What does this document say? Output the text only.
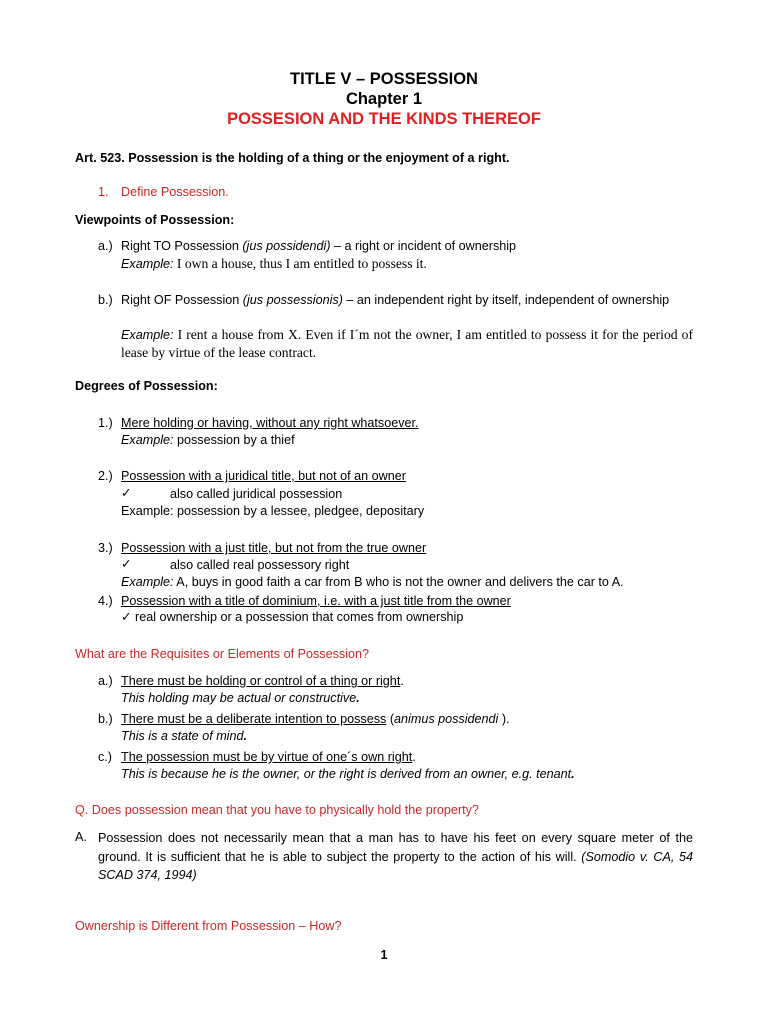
TITLE V – POSSESSION
Chapter 1
POSSESION AND THE KINDS THEREOF
Art. 523. Possession is the holding of a thing or the enjoyment of a right.
1. Define Possession.
Viewpoints of Possession:
a.) Right TO Possession (jus possidendi) – a right or incident of ownership
Example: I own a house, thus I am entitled to possess it.
b.) Right OF Possession (jus possessionis) – an independent right by itself, independent of ownership
Example: I rent a house from X. Even if I´m not the owner, I am entitled to possess it for the period of lease by virtue of the lease contract.
Degrees of Possession:
1.) Mere holding or having, without any right whatsoever.
Example: possession by a thief
2.) Possession with a juridical title, but not of an owner
✓	also called juridical possession
Example: possession by a lessee, pledgee, depositary
3.) Possession with a just title, but not from the true owner
✓	also called real possessory right
Example: A, buys in good faith a car from B who is not the owner and delivers the car to A.
4.) Possession with a title of dominium, i.e. with a just title from the owner
✓ real ownership or a possession that comes from ownership
What are the Requisites or Elements of Possession?
a.) There must be holding or control of a thing or right.
This holding may be actual or constructive.
b.) There must be a deliberate intention to possess (animus possidendi ).
This is a state of mind.
c.) The possession must be by virtue of one´s own right.
This is because he is the owner, or the right is derived from an owner, e.g. tenant.
Q. Does possession mean that you have to physically hold the property?
A. Possession does not necessarily mean that a man has to have his feet on every square meter of the ground. It is sufficient that he is able to subject the property to the action of his will. (Somodio v. CA, 54 SCAD 374, 1994)
Ownership is Different from Possession – How?
1
